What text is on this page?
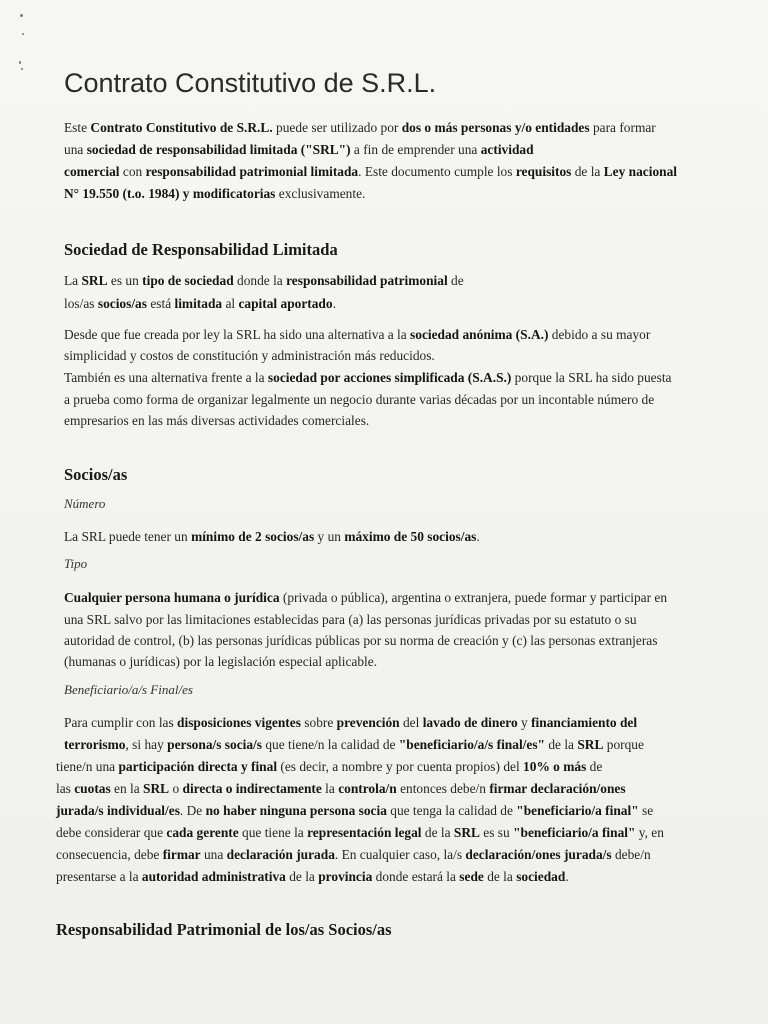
Contrato Constitutivo de S.R.L.

Este Contrato Constitutivo de S.R.L. puede ser utilizado por dos o más personas y/o entidades para formar

una sociedad de responsabilidad limitada ("SRL") a fin de emprender una actividad

comercial con responsabilidad patrimonial limitada. Este documento cumple los requisitos de la Ley nacional

N° 19.550 (t.o. 1984) y modificatorias exclusivamente.

Sociedad de Responsabilidad Limitada

La SRL es un tipo de sociedad donde la responsabilidad patrimonial de

los/as socios/as está limitada al capital aportado.

Desde que fue creada por ley la SRL ha sido una alternativa a la sociedad anónima (S.A.) debido a su mayor

simplicidad y costos de constitución y administración más reducidos.

También es una alternativa frente a la sociedad por acciones simplificada (S.A.S.) porque la SRL ha sido puesta

a prueba como forma de organizar legalmente un negocio durante varias décadas por un incontable número de

empresarios en las más diversas actividades comerciales.

Socios/as

Número

La SRL puede tener un mínimo de 2 socios/as y un máximo de 50 socios/as.

Tipo

Cualquier persona humana o jurídica (privada o pública), argentina o extranjera, puede formar y participar en

una SRL salvo por las limitaciones establecidas para (a) las personas jurídicas privadas por su estatuto o su

autoridad de control, (b) las personas jurídicas públicas por su norma de creación y (c) las personas extranjeras

(humanas o jurídicas) por la legislación especial aplicable.

Beneficiario/a/s Final/es

Para cumplir con las disposiciones vigentes sobre prevención del lavado de dinero y financiamiento del

terrorismo, si hay persona/s socia/s que tiene/n la calidad de "beneficiario/a/s final/es" de la SRL porque

tiene/n una participación directa y final (es decir, a nombre y por cuenta propios) del 10% o más de

las cuotas en la SRL o directa o indirectamente la controla/n entonces debe/n firmar declaración/ones

jurada/s individual/es. De no haber ninguna persona socia que tenga la calidad de "beneficiario/a final" se

debe considerar que cada gerente que tiene la representación legal de la SRL es su "beneficiario/a final" y, en

consecuencia, debe firmar una declaración jurada. En cualquier caso, la/s declaración/ones jurada/s debe/n

presentarse a la autoridad administrativa de la provincia donde estará la sede de la sociedad.

Responsabilidad Patrimonial de los/as Socios/as
